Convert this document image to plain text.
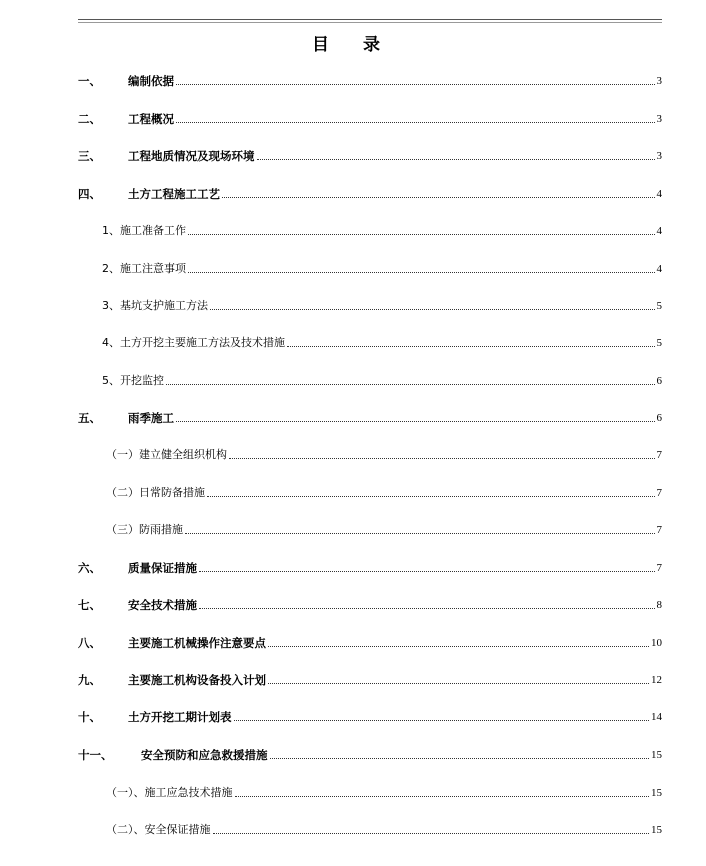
目 录
一、	编制依据	3
二、	工程概况	3
三、	工程地质情况及现场环境	3
四、	土方工程施工工艺	4
1、施工准备工作	4
2、施工注意事项	4
3、基坑支护施工方法	5
4、土方开挖主要施工方法及技术措施	5
5、开挖监控	6
五、	雨季施工	6
（一）建立健全组织机构	7
（二）日常防备措施	7
（三）防雨措施	7
六、	质量保证措施	7
七、	安全技术措施	8
八、	主要施工机械操作注意要点	10
九、	主要施工机构设备投入计划	12
十、	土方开挖工期计划表	14
十一、	安全预防和应急救援措施	15
（一）、施工应急技术措施	15
（二）、安全保证措施	15
